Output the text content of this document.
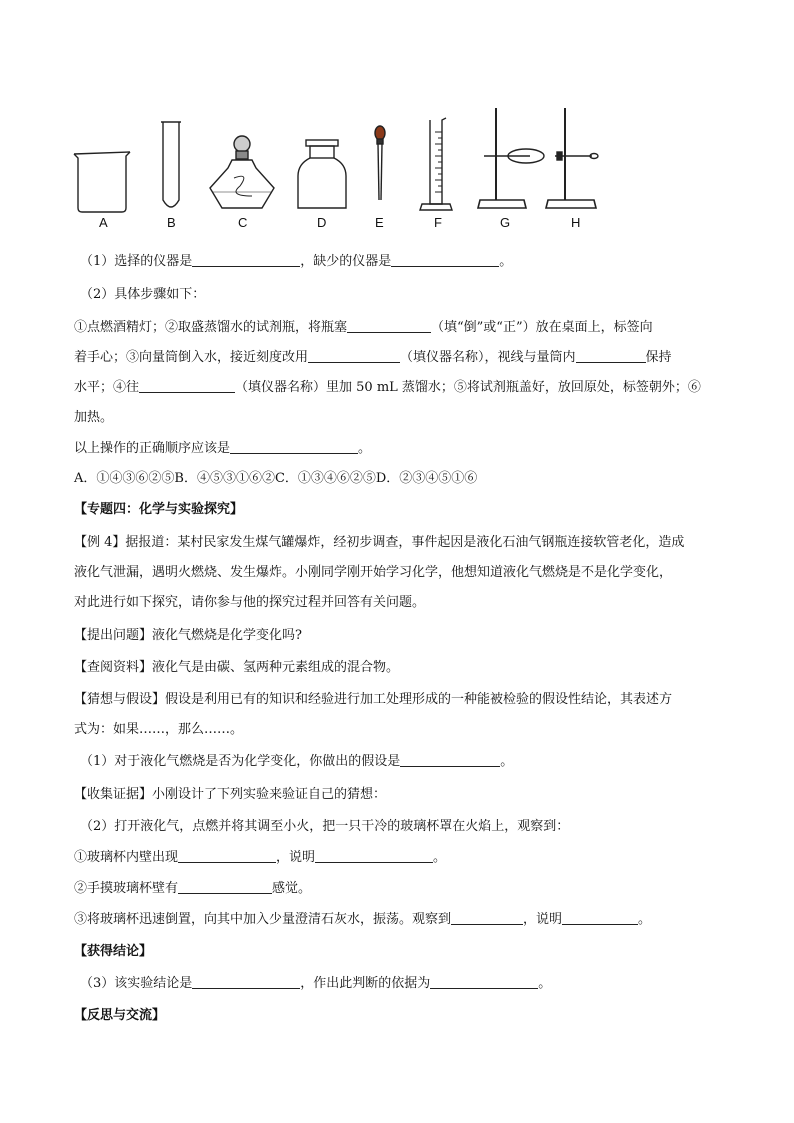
A	B	C	D	E	F	G	H
（1）选择的仪器是	，缺少的仪器是	。
（2）具体步骤如下：
①点燃酒精灯；②取盛蒸馏水的试剂瓶，将瓶塞	（填“倒”或“正”）放在桌面上，标签向
着手心；③向量筒倒入水，接近刻度改用	（填仪器名称），视线与量筒内	保持
水平；④往	（填仪器名称）里加 50 mL 蒸馏水；⑤将试剂瓶盖好，放回原处，标签朝外；⑥
加热。
以上操作的正确顺序应该是	。
A．①④③⑥②⑤B．④⑤③①⑥②C．①③④⑥②⑤D．②③④⑤①⑥
【专题四：化学与实验探究】
【例 4】据报道：某村民家发生煤气罐爆炸，经初步调查，事件起因是液化石油气钢瓶连接软管老化，造成
液化气泄漏，遇明火燃烧、发生爆炸。小刚同学刚开始学习化学，他想知道液化气燃烧是不是化学变化，
对此进行如下探究，请你参与他的探究过程并回答有关问题。
【提出问题】液化气燃烧是化学变化吗?
【查阅资料】液化气是由碳、氢两种元素组成的混合物。
【猜想与假设】假设是利用已有的知识和经验进行加工处理形成的一种能被检验的假设性结论，其表述方
式为：如果……，那么……。
（1）对于液化气燃烧是否为化学变化，你做出的假设是	。
【收集证据】小刚设计了下列实验来验证自己的猜想：
（2）打开液化气，点燃并将其调至小火，把一只干冷的玻璃杯罩在火焰上，观察到：
①玻璃杯内壁出现	，说明	。
②手摸玻璃杯壁有	感觉。
③将玻璃杯迅速倒置，向其中加入少量澄清石灰水，振荡。观察到	，说明	。
【获得结论】
（3）该实验结论是	，作出此判断的依据为	。
【反思与交流】
